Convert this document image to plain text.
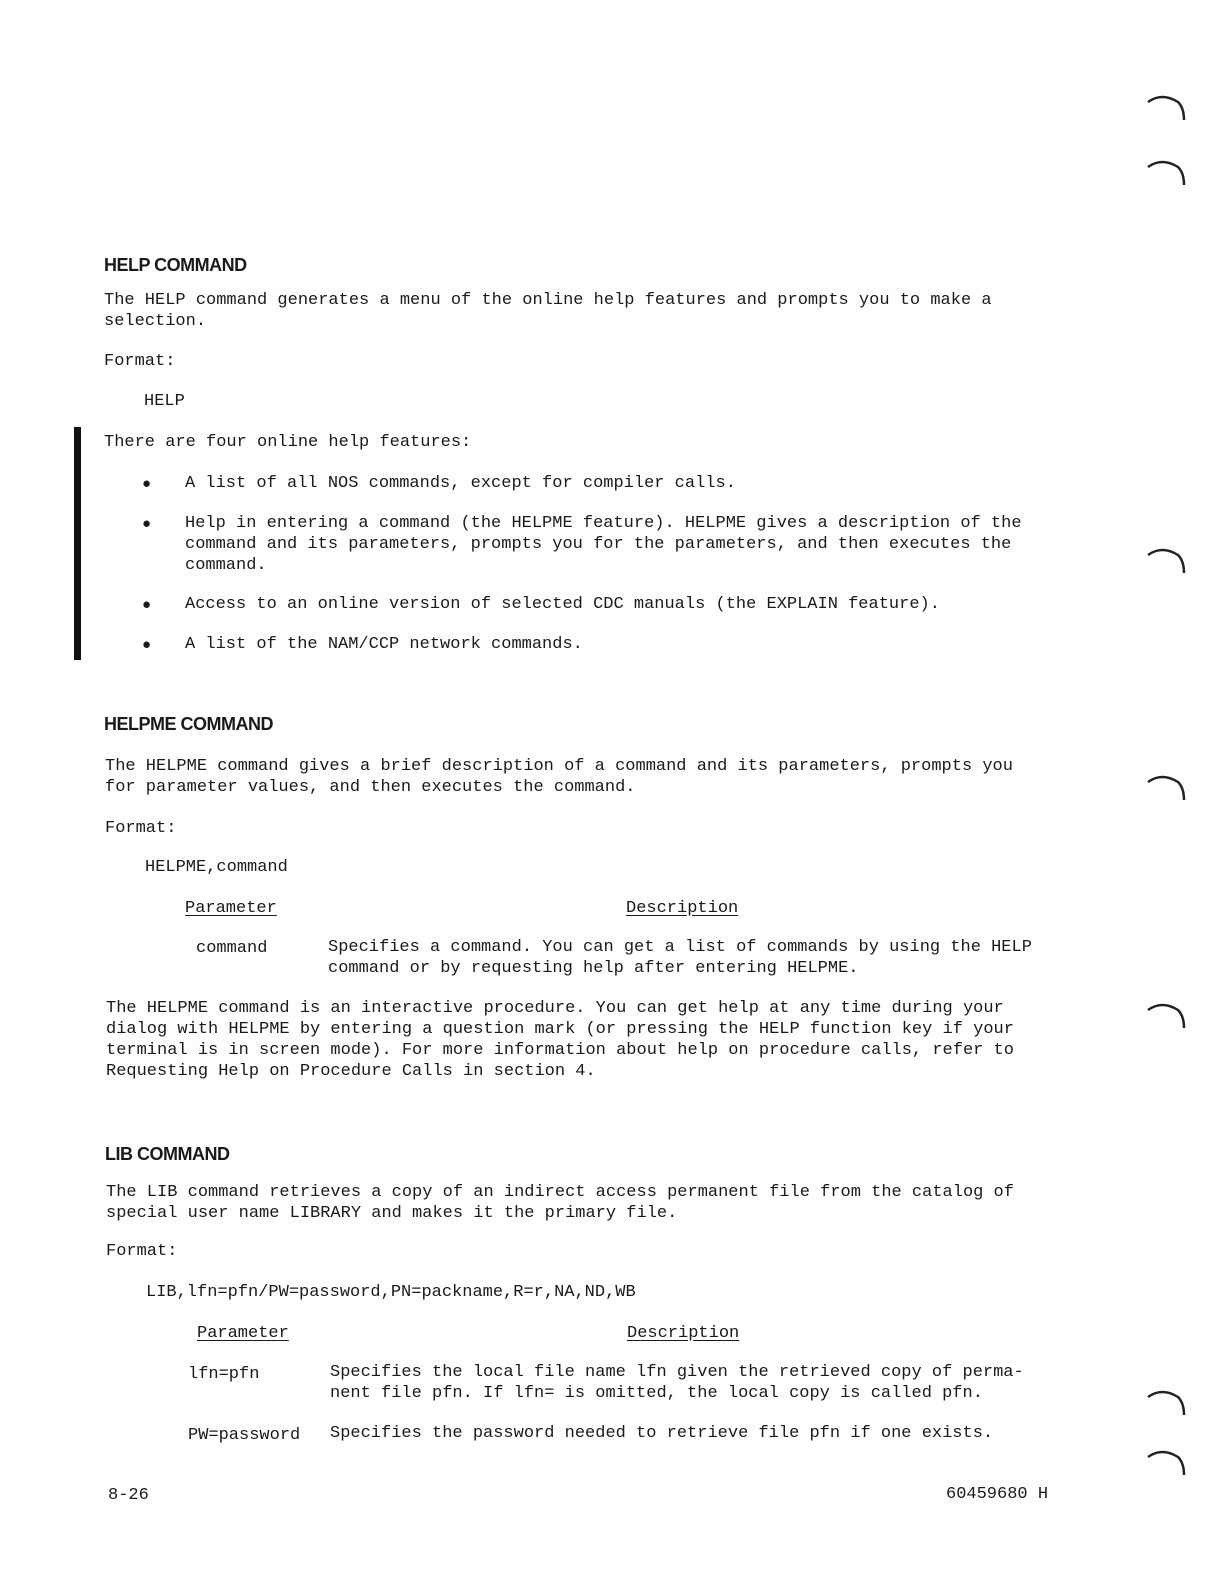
HELP COMMAND
The HELP command generates a menu of the online help features and prompts you to make a
selection.
Format:
HELP
There are four online help features:
● A list of all NOS commands, except for compiler calls.
● Help in entering a command (the HELPME feature). HELPME gives a description of the
command and its parameters, prompts you for the parameters, and then executes the
command.
● Access to an online version of selected CDC manuals (the EXPLAIN feature).
● A list of the NAM/CCP network commands.
HELPME COMMAND
The HELPME command gives a brief description of a command and its parameters, prompts you
for parameter values, and then executes the command.
Format:
HELPME,command
Parameter	Description
command	Specifies a command. You can get a list of commands by using the HELP
command or by requesting help after entering HELPME.
The HELPME command is an interactive procedure. You can get help at any time during your
dialog with HELPME by entering a question mark (or pressing the HELP function key if your
terminal is in screen mode). For more information about help on procedure calls, refer to
Requesting Help on Procedure Calls in section 4.
LIB COMMAND
The LIB command retrieves a copy of an indirect access permanent file from the catalog of
special user name LIBRARY and makes it the primary file.
Format:
LIB,lfn=pfn/PW=password,PN=packname,R=r,NA,ND,WB
Parameter	Description
lfn=pfn	Specifies the local file name lfn given the retrieved copy of perma-
nent file pfn. If lfn= is omitted, the local copy is called pfn.
PW=password Specifies the password needed to retrieve file pfn if one exists.
8-26	60459680 H
